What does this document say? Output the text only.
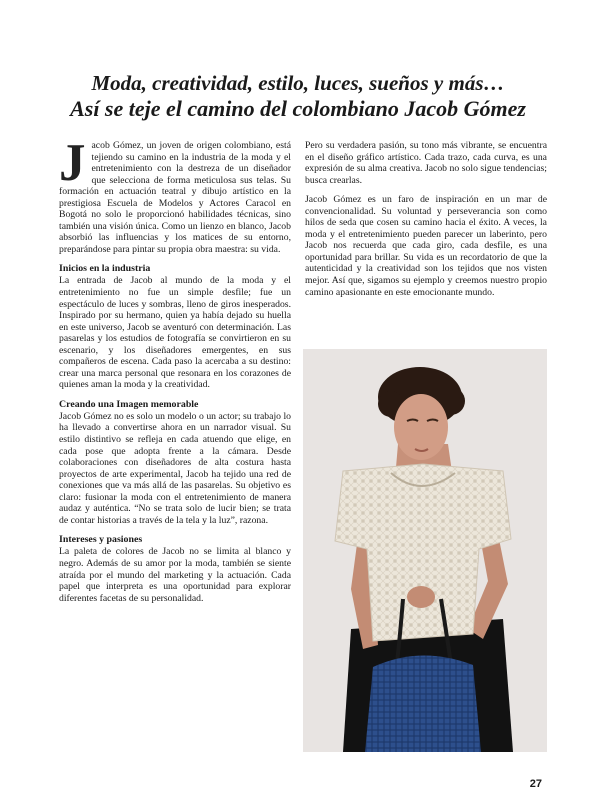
Moda, creatividad, estilo, luces, sueños y más…
Así se teje el camino del colombiano Jacob Gómez

Jacob Gómez, un joven de origen colombiano, está tejiendo su camino en la industria de la moda y el entretenimiento con la destreza de un diseñador que selecciona de forma meticulosa sus telas. Su formación en actuación teatral y dibujo artístico en la prestigiosa Escuela de Modelos y Actores Caracol en Bogotá no solo le proporcionó habilidades técnicas, sino también una visión única. Como un lienzo en blanco, Jacob absorbió las influencias y los matices de su entorno, preparándose para pintar su propia obra maestra: su vida.

Inicios en la industria

La entrada de Jacob al mundo de la moda y el entretenimiento no fue un simple desfile; fue un espectáculo de luces y sombras, lleno de giros inesperados. Inspirado por su hermano, quien ya había dejado su huella en este universo, Jacob se aventuró con determinación. Las pasarelas y los estudios de fotografía se convirtieron en su escenario, y los diseñadores emergentes, en sus compañeros de escena. Cada paso la acercaba a su destino: crear una marca personal que resonara en los corazones de quienes aman la moda y la creatividad.

Creando una Imagen memorable

Jacob Gómez no es solo un modelo o un actor; su trabajo lo ha llevado a convertirse ahora en un narrador visual. Su estilo distintivo se refleja en cada atuendo que elige, en cada pose que adopta frente a la cámara. Desde colaboraciones con diseñadores de alta costura hasta proyectos de arte experimental, Jacob ha tejido una red de conexiones que va más allá de las pasarelas. Su objetivo es claro: fusionar la moda con el entretenimiento de manera audaz y auténtica. “No se trata solo de lucir bien; se trata de contar historias a través de la tela y la luz”, razona.

Intereses y pasiones

La paleta de colores de Jacob no se limita al blanco y negro. Además de su amor por la moda, también se siente atraída por el mundo del marketing y la actuación. Cada papel que interpreta es una oportunidad para explorar diferentes facetas de su personalidad.

Pero su verdadera pasión, su tono más vibrante, se encuentra en el diseño gráfico artístico. Cada trazo, cada curva, es una expresión de su alma creativa. Jacob no solo sigue tendencias; busca crearlas.

Jacob Gómez es un faro de inspiración en un mar de convencionalidad. Su voluntad y perseverancia son como hilos de seda que cosen su camino hacia el éxito. A veces, la moda y el entretenimiento pueden parecer un laberinto, pero Jacob nos recuerda que cada giro, cada desfile, es una oportunidad para brillar. Su vida es un recordatorio de que la autenticidad y la creatividad son los tejidos que nos visten mejor. Así que, sigamos su ejemplo y creemos nuestro propio camino apasionante en este emocionante mundo.

27
